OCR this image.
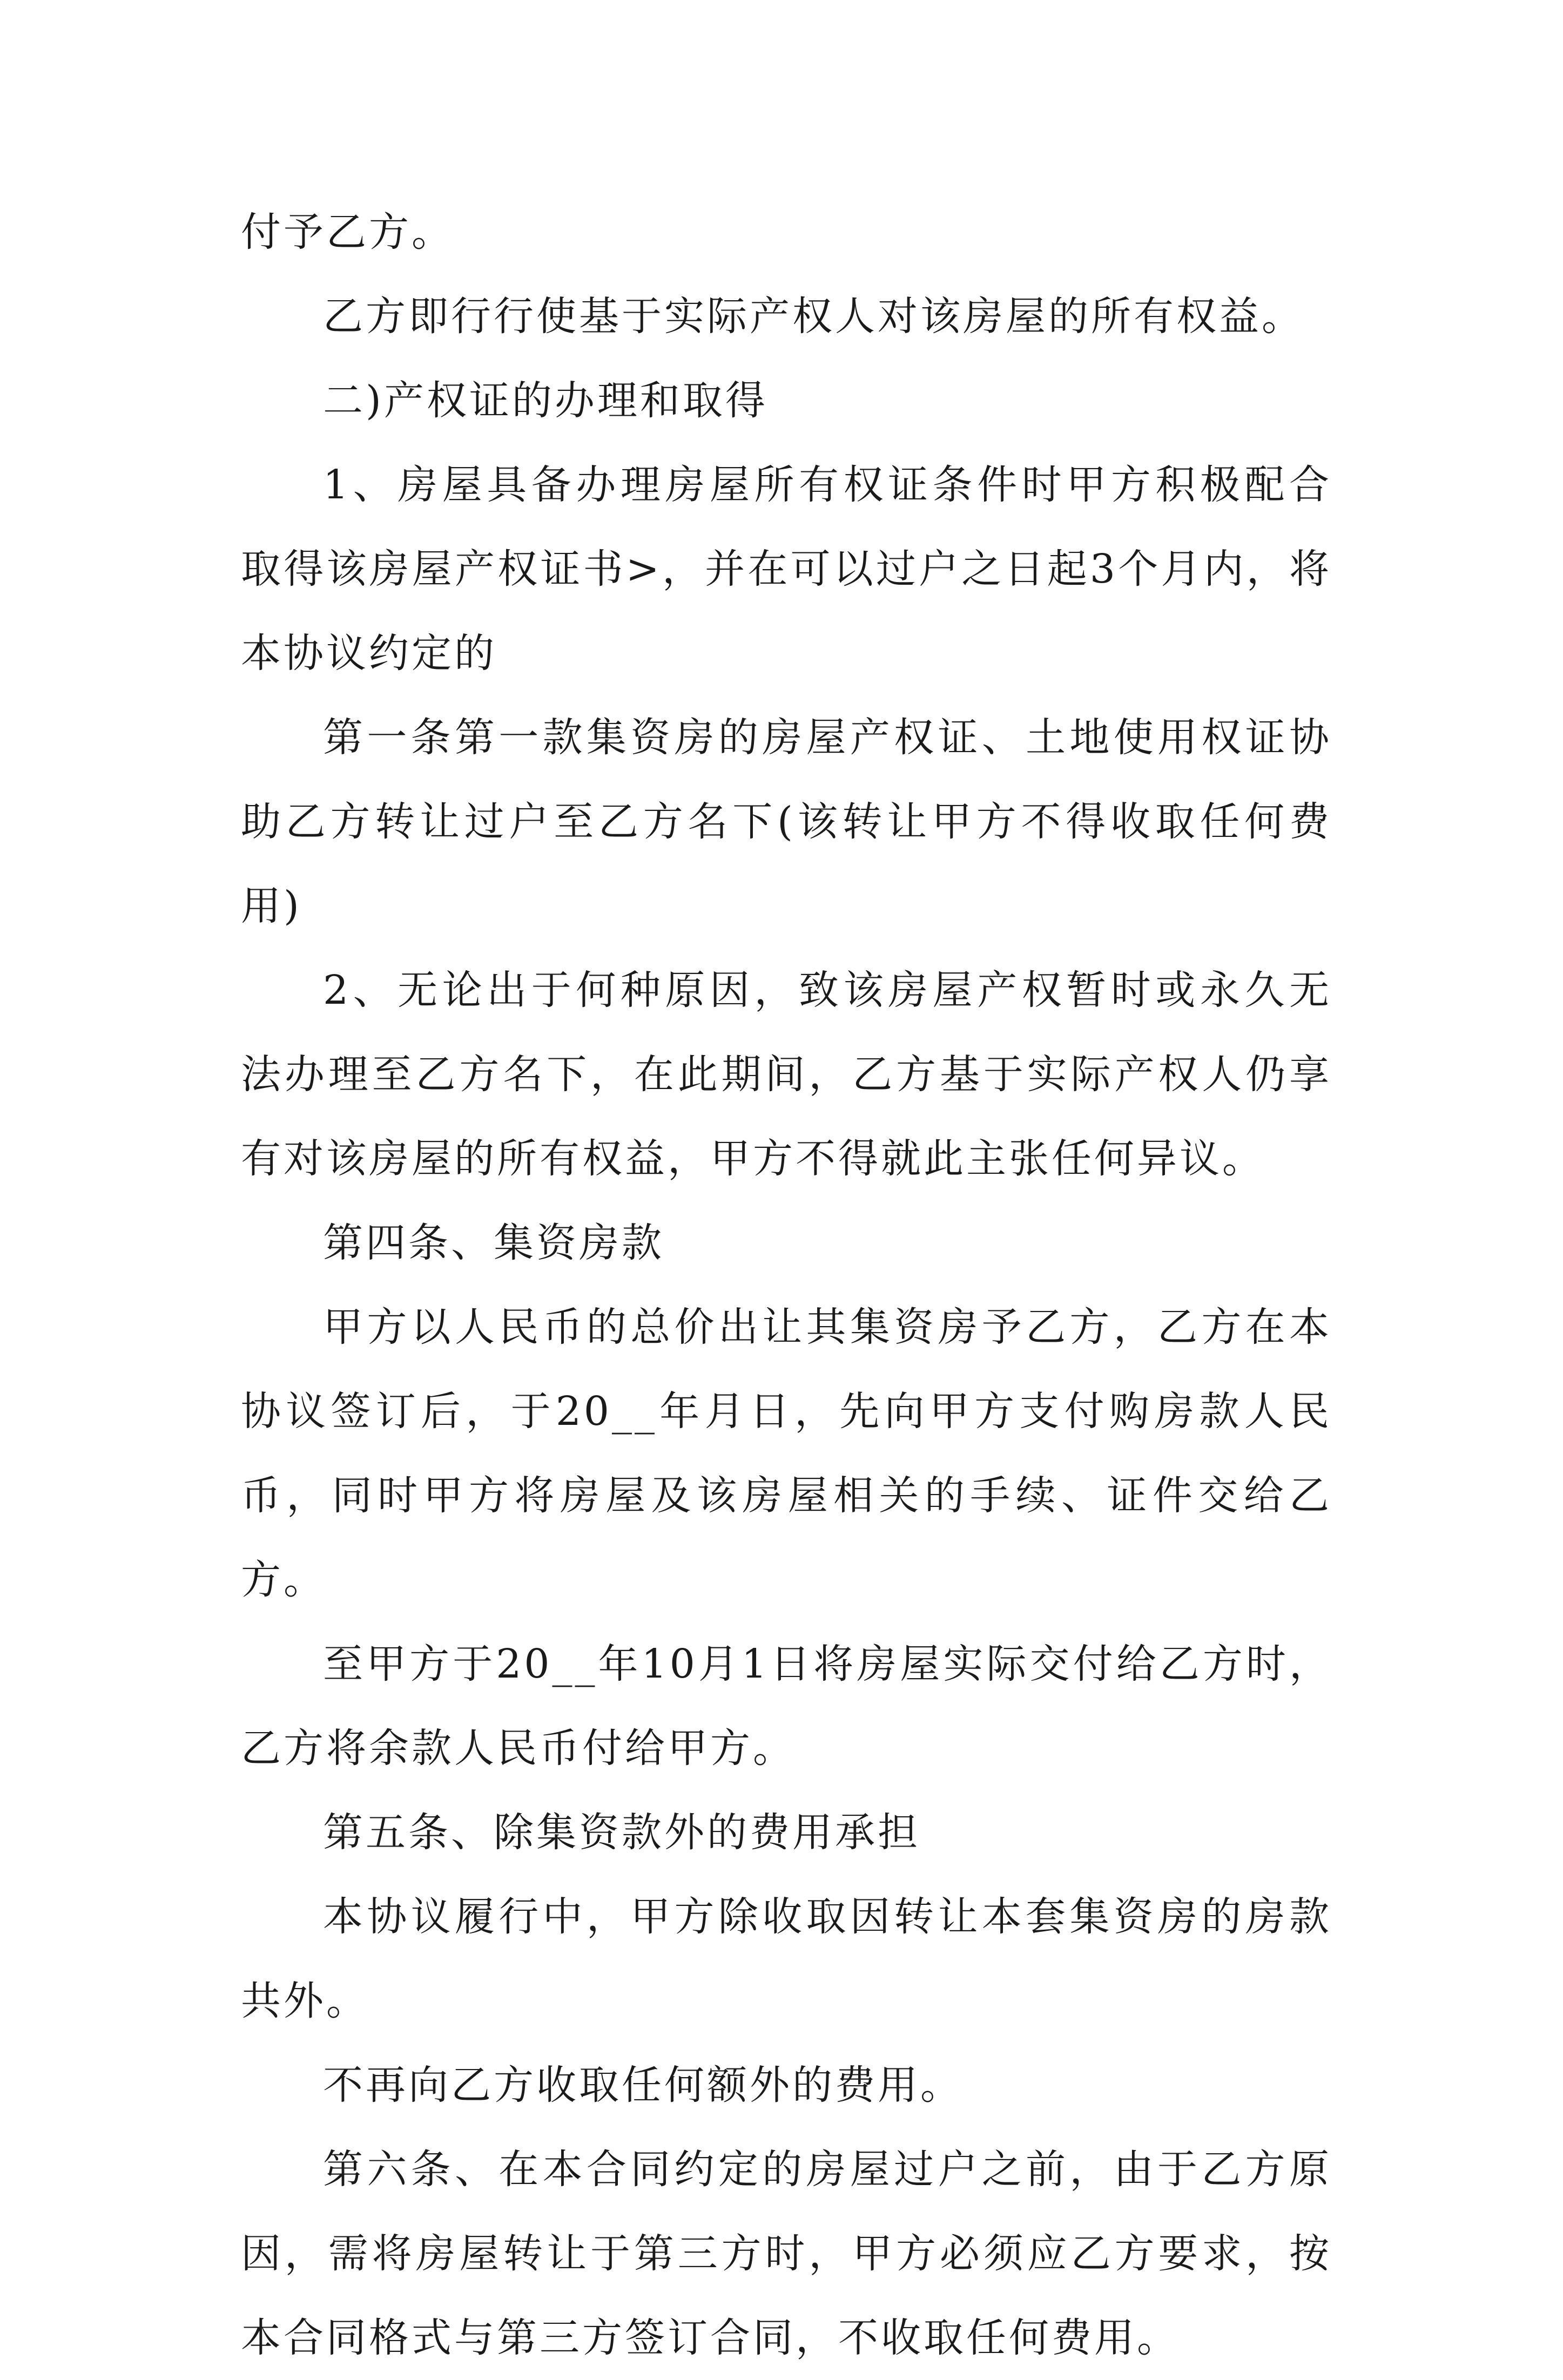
付予乙方。

乙方即行行使基于实际产权人对该房屋的所有权益。

二)产权证的办理和取得

1、房屋具备办理房屋所有权证条件时甲方积极配合取得该房屋产权证书>，并在可以过户之日起3个月内，将本协议约定的

第一条第一款集资房的房屋产权证、土地使用权证协助乙方转让过户至乙方名下(该转让甲方不得收取任何费用)

2、无论出于何种原因，致该房屋产权暂时或永久无法办理至乙方名下，在此期间，乙方基于实际产权人仍享有对该房屋的所有权益，甲方不得就此主张任何异议。

第四条、集资房款

甲方以人民币的总价出让其集资房予乙方，乙方在本协议签订后，于20__年月日，先向甲方支付购房款人民币，同时甲方将房屋及该房屋相关的手续、证件交给乙方。

至甲方于20__年10月1日将房屋实际交付给乙方时，乙方将余款人民币付给甲方。

第五条、除集资款外的费用承担

本协议履行中，甲方除收取因转让本套集资房的房款共外。

不再向乙方收取任何额外的费用。

第六条、在本合同约定的房屋过户之前，由于乙方原因，需将房屋转让于第三方时，甲方必须应乙方要求，按本合同格式与第三方签订合同，不收取任何费用。
